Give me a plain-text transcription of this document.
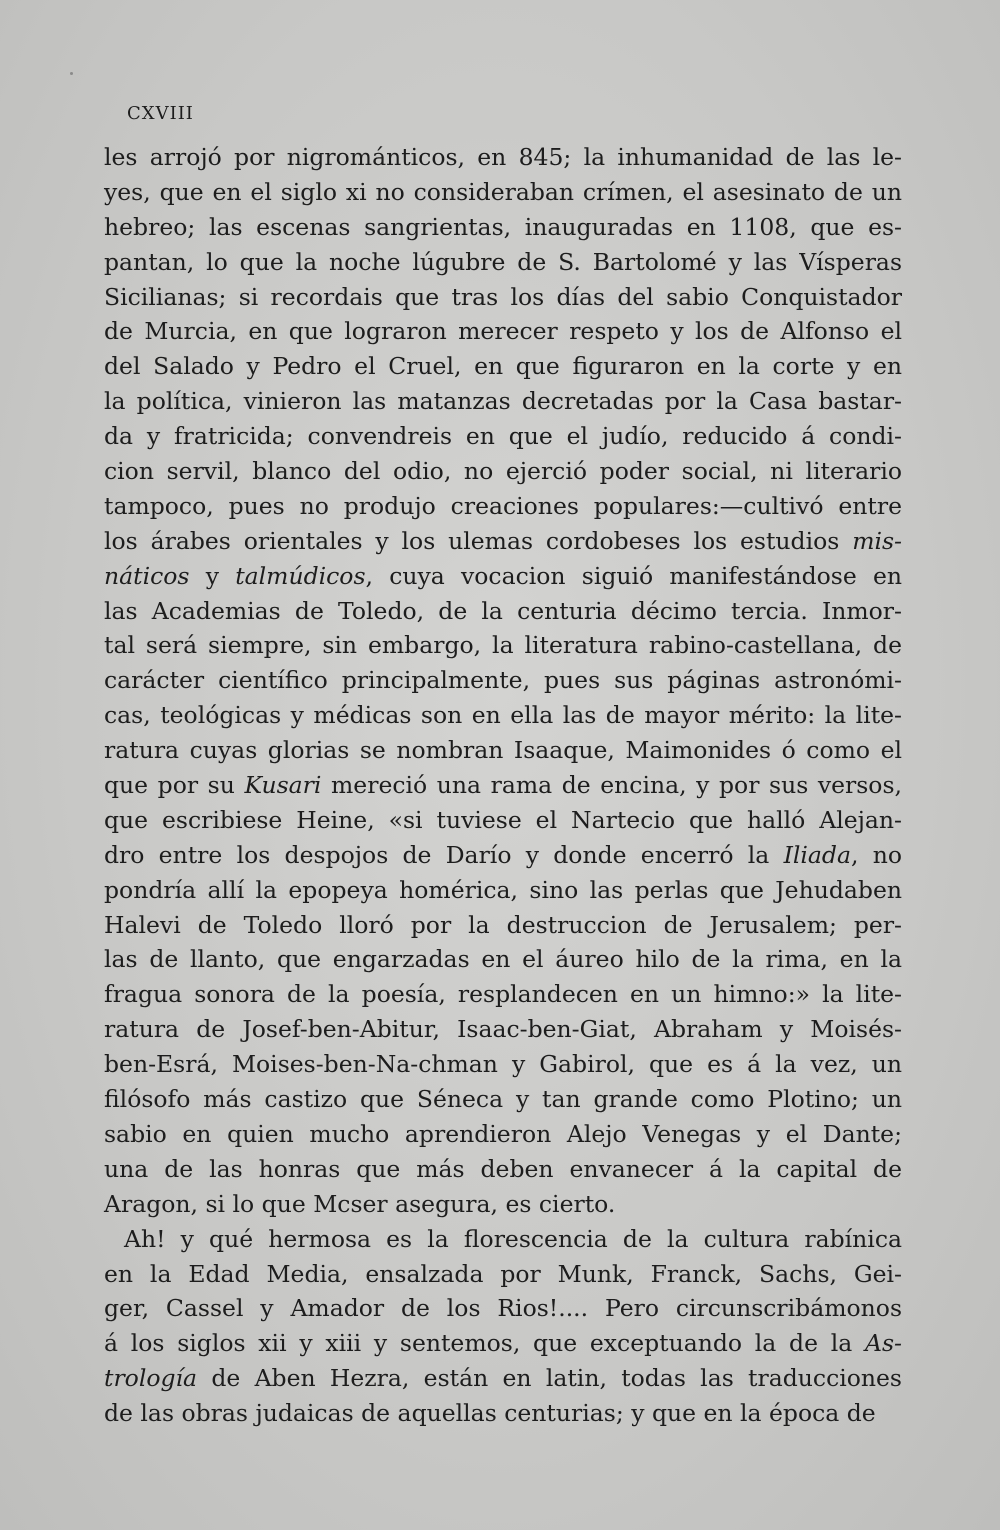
CXVIII
les arrojó por nigrománticos, en 845; la inhumanidad de las le-
yes, que en el siglo xi no consideraban crímen, el asesinato de un
hebreo; las escenas sangrientas, inauguradas en 1108, que es-
pantan, lo que la noche lúgubre de S. Bartolomé y las Vísperas
Sicilianas; si recordais que tras los días del sabio Conquistador
de Murcia, en que lograron merecer respeto y los de Alfonso el
del Salado y Pedro el Cruel, en que figuraron en la corte y en
la política, vinieron las matanzas decretadas por la Casa bastar-
da y fratricida; convendreis en que el judío, reducido á condi-
cion servil, blanco del odio, no ejerció poder social, ni literario
tampoco, pues no produjo creaciones populares:—cultivó entre
los árabes orientales y los ulemas cordobeses los estudios mis-
náticos y talmúdicos, cuya vocacion siguió manifestándose en
las Academias de Toledo, de la centuria décimo tercia. Inmor-
tal será siempre, sin embargo, la literatura rabino-castellana, de
carácter científico principalmente, pues sus páginas astronómi-
cas, teológicas y médicas son en ella las de mayor mérito: la lite-
ratura cuyas glorias se nombran Isaaque, Maimonides ó como el
que por su Kusari mereció una rama de encina, y por sus versos,
que escribiese Heine, «si tuviese el Nartecio que halló Alejan-
dro entre los despojos de Darío y donde encerró la Iliada, no
pondría allí la epopeya homérica, sino las perlas que Jehudaben
Halevi de Toledo lloró por la destruccion de Jerusalem; per-
las de llanto, que engarzadas en el áureo hilo de la rima, en la
fragua sonora de la poesía, resplandecen en un himno:» la lite-
ratura de Josef-ben-Abitur, Isaac-ben-Giat, Abraham y Moisés-
ben-Esrá, Moises-ben-Na-chman y Gabirol, que es á la vez, un
filósofo más castizo que Séneca y tan grande como Plotino; un
sabio en quien mucho aprendieron Alejo Venegas y el Dante;
una de las honras que más deben envanecer á la capital de
Aragon, si lo que Mcser asegura, es cierto.
Ah! y qué hermosa es la florescencia de la cultura rabínica
en la Edad Media, ensalzada por Munk, Franck, Sachs, Gei-
ger, Cassel y Amador de los Rios!.... Pero circunscribámonos
á los siglos xii y xiii y sentemos, que exceptuando la de la As-
trología de Aben Hezra, están en latin, todas las traducciones
de las obras judaicas de aquellas centurias; y que en la época de
